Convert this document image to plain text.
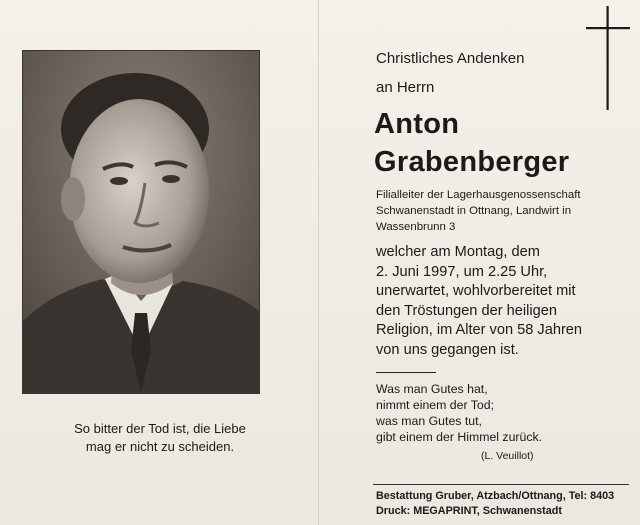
So bitter der Tod ist, die Liebe
mag er nicht zu scheiden.
Christliches Andenken
an Herrn
Anton
Grabenberger
Filialleiter der Lagerhausgenossenschaft
Schwanenstadt in Ottnang, Landwirt in
Wassenbrunn 3
welcher am Montag, dem
2. Juni 1997, um 2.25 Uhr,
unerwartet, wohlvorbereitet mit
den Tröstungen der heiligen
Religion, im Alter von 58 Jahren
von uns gegangen ist.
Was man Gutes hat,
nimmt einem der Tod;
was man Gutes tut,
gibt einem der Himmel zurück.
(L. Veuillot)
Bestattung Gruber, Atzbach/Ottnang, Tel: 8403
Druck: MEGAPRINT, Schwanenstadt
